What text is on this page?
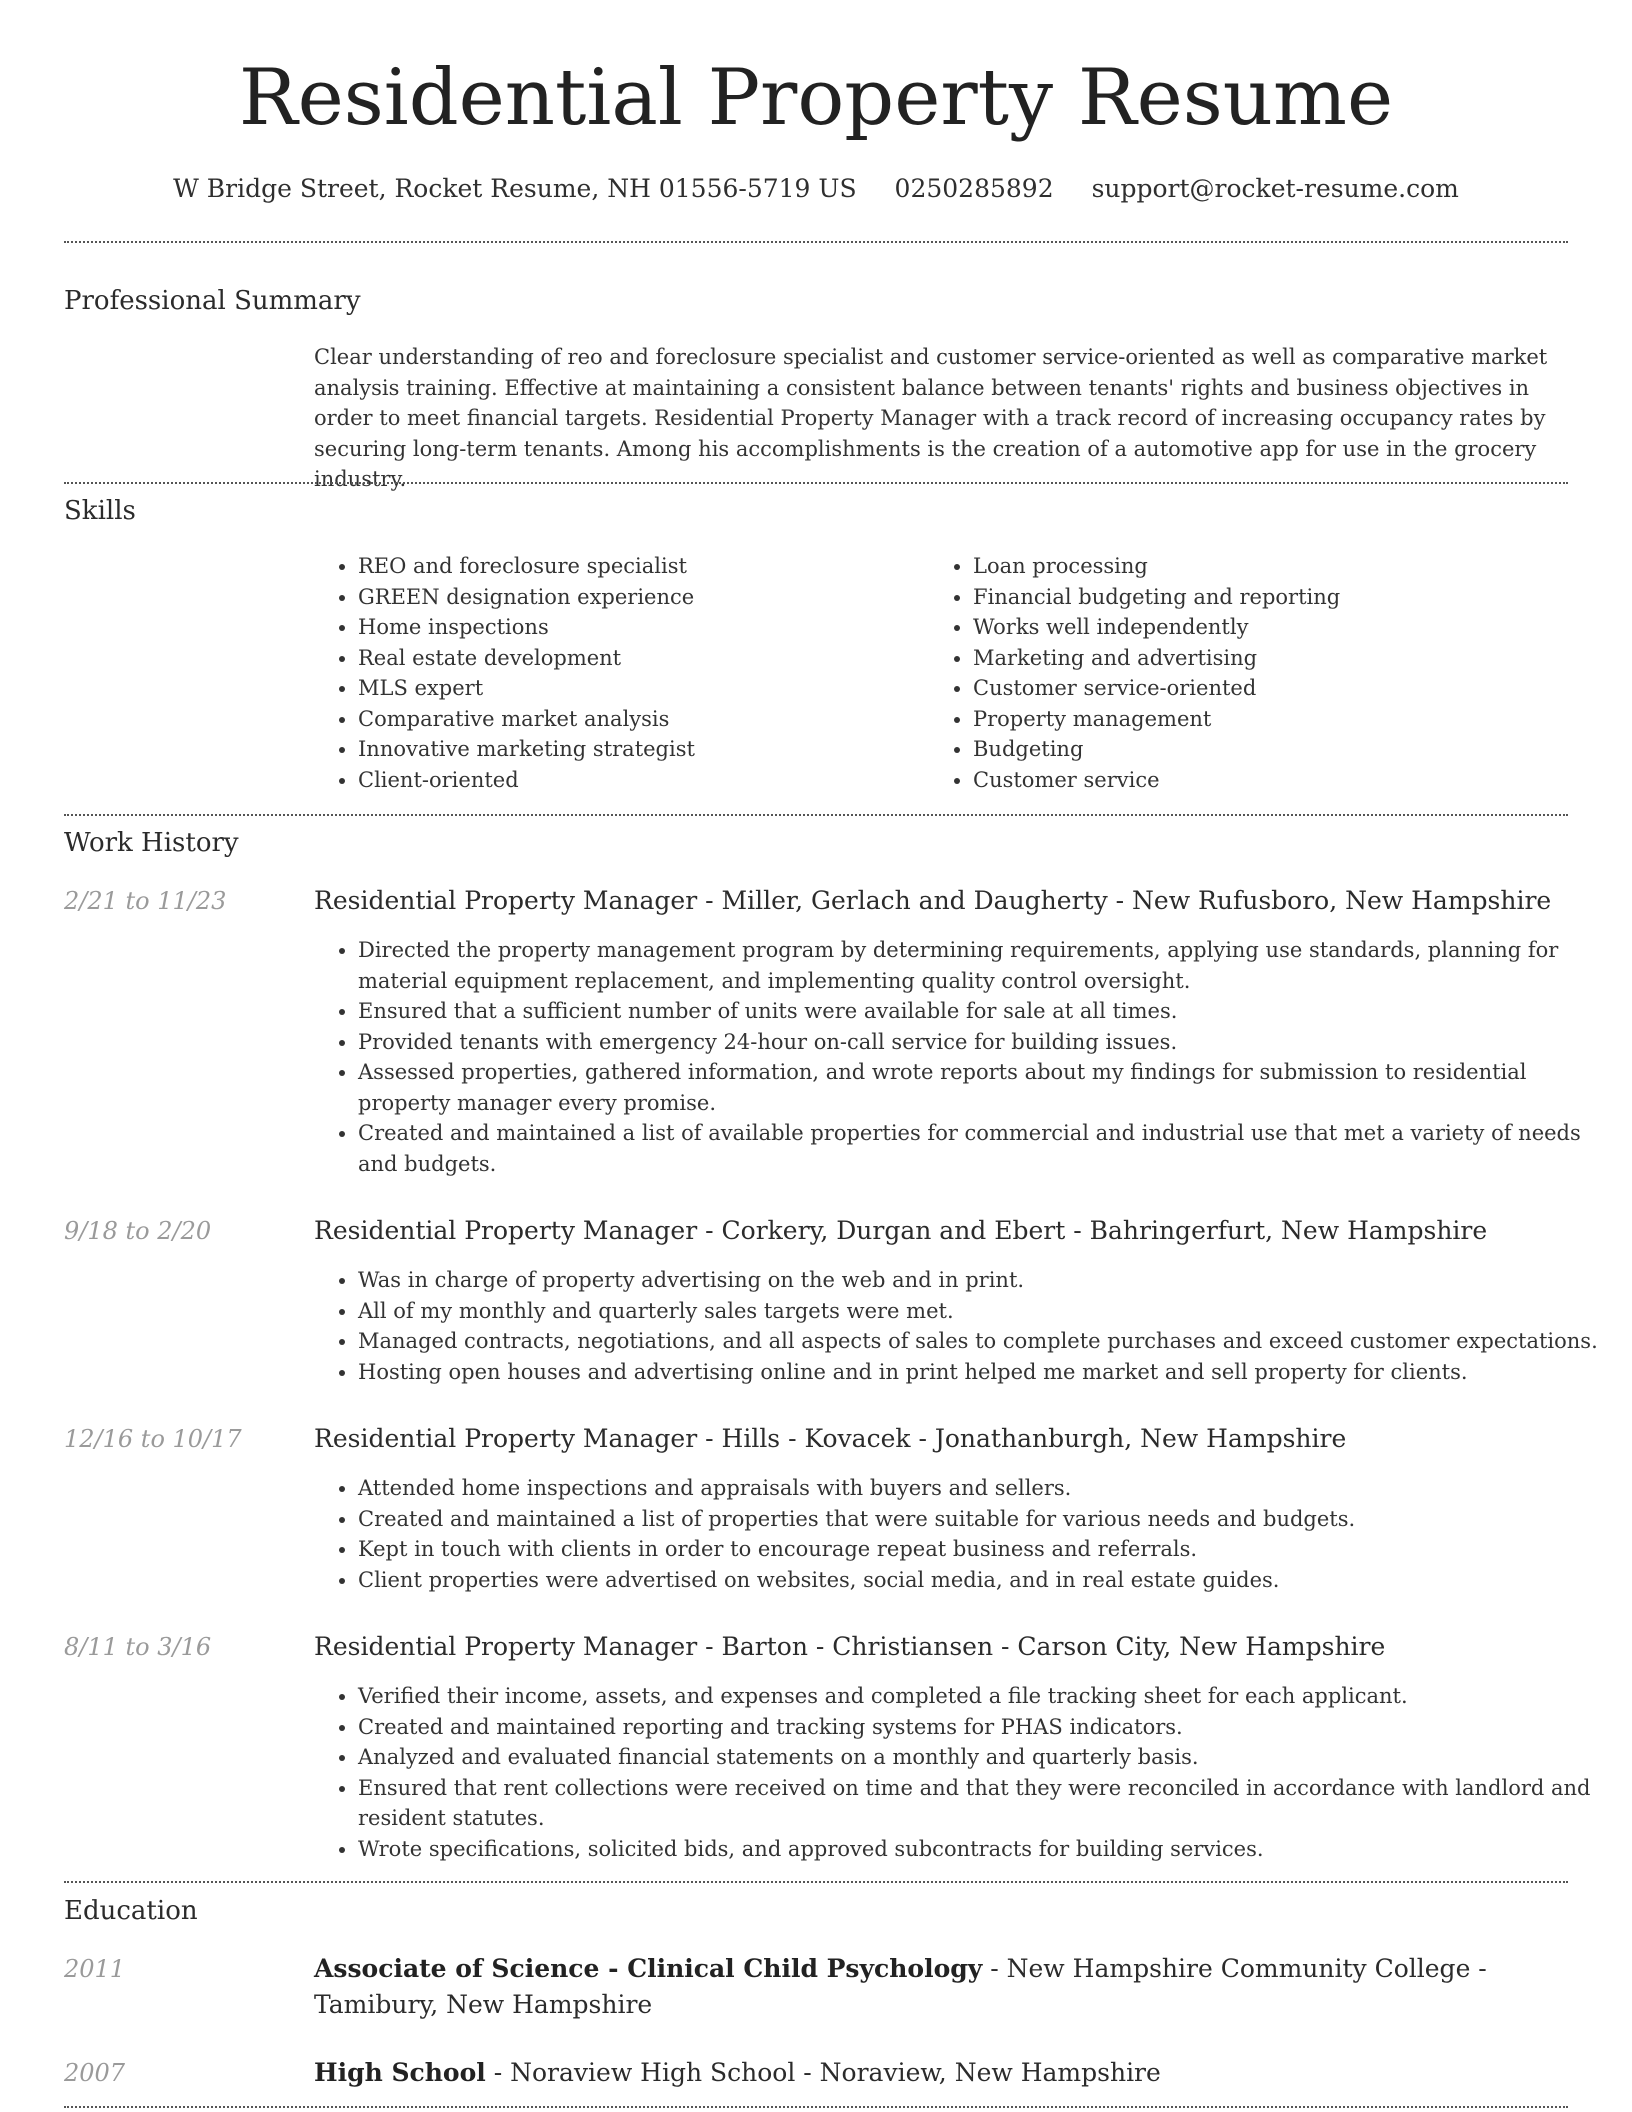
Residential Property Resume
W Bridge Street, Rocket Resume, NH 01556-5719 US 0250285892 support@rocket-resume.com
Professional Summary

Clear understanding of reo and foreclosure specialist and customer service-oriented as well as comparative market analysis training. Effective at maintaining a consistent balance between tenants' rights and business objectives in order to meet financial targets. Residential Property Manager with a track record of increasing occupancy rates by securing long-term tenants. Among his accomplishments is the creation of a automotive app for use in the grocery industry.

Skills
• REO and foreclosure specialist
• GREEN designation experience
• Home inspections
• Real estate development
• MLS expert
• Comparative market analysis
• Innovative marketing strategist
• Client-oriented
• Loan processing
• Financial budgeting and reporting
• Works well independently
• Marketing and advertising
• Customer service-oriented
• Property management
• Budgeting
• Customer service
Work History
2/21 to 11/23	Residential Property Manager - Miller, Gerlach and Daugherty - New Rufusboro, New Hampshire
• Directed the property management program by determining requirements, applying use standards, planning for material equipment replacement, and implementing quality control oversight.
• Ensured that a sufficient number of units were available for sale at all times.
• Provided tenants with emergency 24-hour on-call service for building issues.
• Assessed properties, gathered information, and wrote reports about my findings for submission to residential property manager every promise.
• Created and maintained a list of available properties for commercial and industrial use that met a variety of needs and budgets.
9/18 to 2/20	Residential Property Manager - Corkery, Durgan and Ebert - Bahringerfurt, New Hampshire
• Was in charge of property advertising on the web and in print.
• All of my monthly and quarterly sales targets were met.
• Managed contracts, negotiations, and all aspects of sales to complete purchases and exceed customer expectations.
• Hosting open houses and advertising online and in print helped me market and sell property for clients.
12/16 to 10/17	Residential Property Manager - Hills - Kovacek - Jonathanburgh, New Hampshire
• Attended home inspections and appraisals with buyers and sellers.
• Created and maintained a list of properties that were suitable for various needs and budgets.
• Kept in touch with clients in order to encourage repeat business and referrals.
• Client properties were advertised on websites, social media, and in real estate guides.
8/11 to 3/16	Residential Property Manager - Barton - Christiansen - Carson City, New Hampshire
• Verified their income, assets, and expenses and completed a file tracking sheet for each applicant.
• Created and maintained reporting and tracking systems for PHAS indicators.
• Analyzed and evaluated financial statements on a monthly and quarterly basis.
• Ensured that rent collections were received on time and that they were reconciled in accordance with landlord and resident statutes.
• Wrote specifications, solicited bids, and approved subcontracts for building services.
Education
2011	Associate of Science - Clinical Child Psychology - New Hampshire Community College - Tamibury, New Hampshire
2007	High School - Noraview High School - Noraview, New Hampshire
